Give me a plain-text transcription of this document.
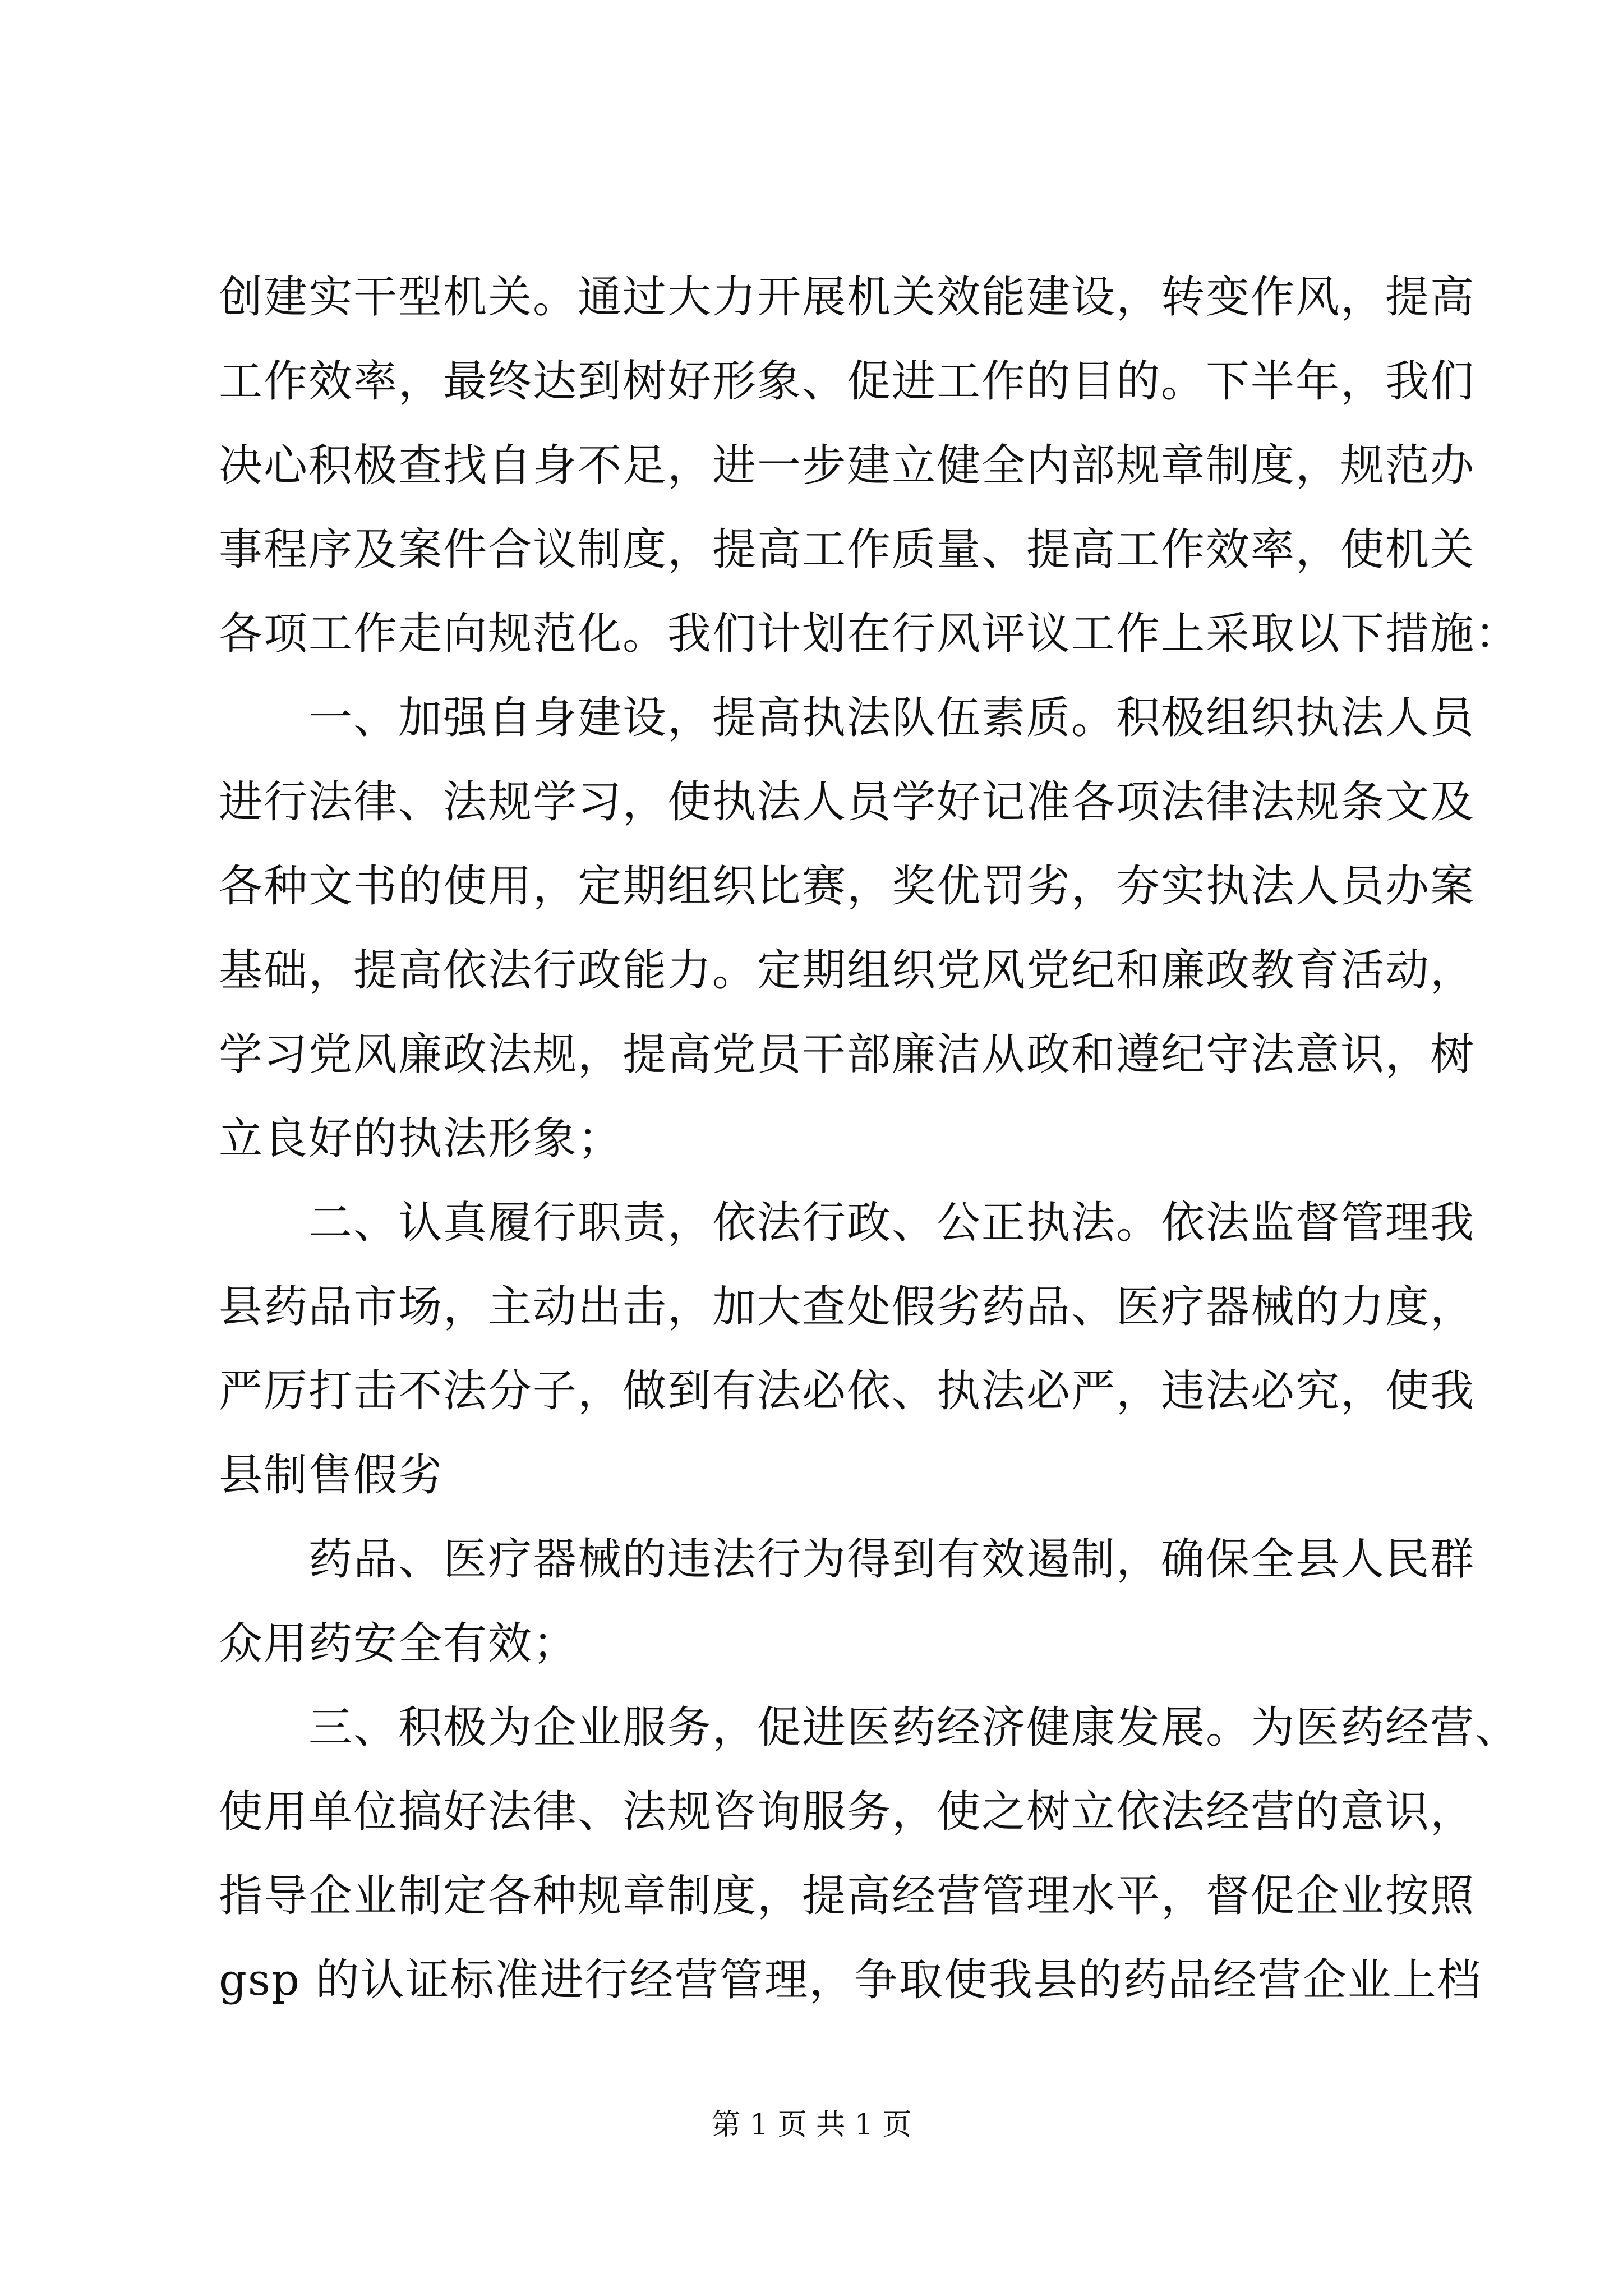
创建实干型机关。通过大力开展机关效能建设，转变作风，提高
工作效率，最终达到树好形象、促进工作的目的。下半年，我们
决心积极查找自身不足，进一步建立健全内部规章制度，规范办
事程序及案件合议制度，提高工作质量、提高工作效率，使机关
各项工作走向规范化。我们计划在行风评议工作上采取以下措施：
一、加强自身建设，提高执法队伍素质。积极组织执法人员
进行法律、法规学习，使执法人员学好记准各项法律法规条文及
各种文书的使用，定期组织比赛，奖优罚劣，夯实执法人员办案
基础，提高依法行政能力。定期组织党风党纪和廉政教育活动，
学习党风廉政法规，提高党员干部廉洁从政和遵纪守法意识，树
立良好的执法形象；
二、认真履行职责，依法行政、公正执法。依法监督管理我
县药品市场，主动出击，加大查处假劣药品、医疗器械的力度，
严厉打击不法分子，做到有法必依、执法必严，违法必究，使我
县制售假劣
药品、医疗器械的违法行为得到有效遏制，确保全县人民群
众用药安全有效；
三、积极为企业服务，促进医药经济健康发展。为医药经营、
使用单位搞好法律、法规咨询服务，使之树立依法经营的意识，
指导企业制定各种规章制度，提高经营管理水平，督促企业按照
gsp 的认证标准进行经营管理，争取使我县的药品经营企业上档
第 1 页 共 1 页
